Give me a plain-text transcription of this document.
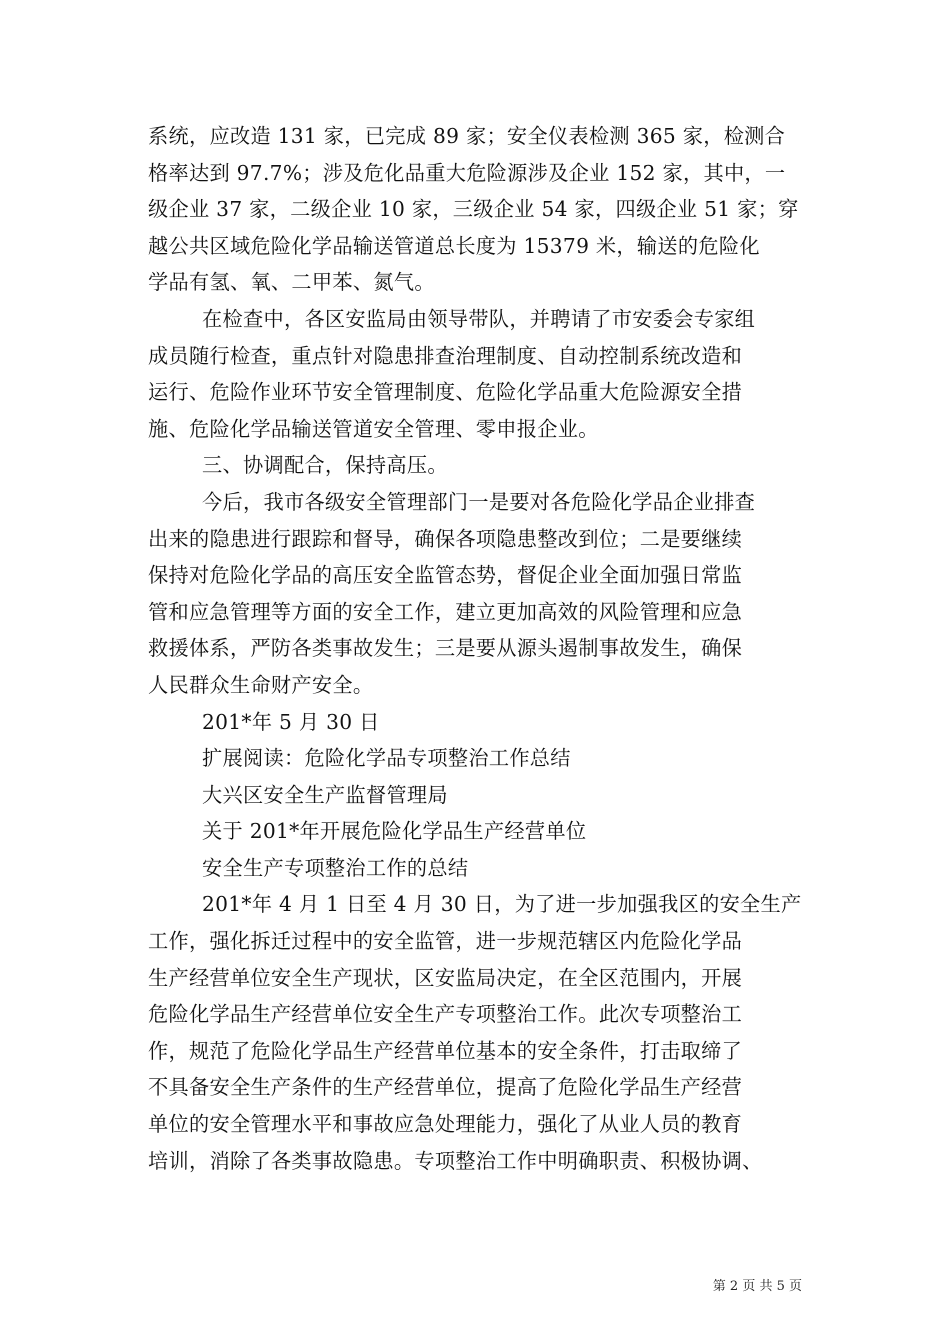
系统，应改造 131 家，已完成 89 家；安全仪表检测 365 家，检测合
格率达到 97.7%；涉及危化品重大危险源涉及企业 152 家，其中，一
级企业 37 家，二级企业 10 家，三级企业 54 家，四级企业 51 家；穿
越公共区域危险化学品输送管道总长度为 15379 米，输送的危险化
学品有氢、氧、二甲苯、氮气。
在检查中，各区安监局由领导带队，并聘请了市安委会专家组
成员随行检查，重点针对隐患排查治理制度、自动控制系统改造和
运行、危险作业环节安全管理制度、危险化学品重大危险源安全措
施、危险化学品输送管道安全管理、零申报企业。
三、协调配合，保持高压。
今后，我市各级安全管理部门一是要对各危险化学品企业排查
出来的隐患进行跟踪和督导，确保各项隐患整改到位；二是要继续
保持对危险化学品的高压安全监管态势，督促企业全面加强日常监
管和应急管理等方面的安全工作，建立更加高效的风险管理和应急
救援体系，严防各类事故发生；三是要从源头遏制事故发生，确保
人民群众生命财产安全。
201*年 5 月 30 日
扩展阅读：危险化学品专项整治工作总结
大兴区安全生产监督管理局
关于 201*年开展危险化学品生产经营单位
安全生产专项整治工作的总结
201*年 4 月 1 日至 4 月 30 日，为了进一步加强我区的安全生产
工作，强化拆迁过程中的安全监管，进一步规范辖区内危险化学品
生产经营单位安全生产现状，区安监局决定，在全区范围内，开展
危险化学品生产经营单位安全生产专项整治工作。此次专项整治工
作，规范了危险化学品生产经营单位基本的安全条件，打击取缔了
不具备安全生产条件的生产经营单位，提高了危险化学品生产经营
单位的安全管理水平和事故应急处理能力，强化了从业人员的教育
培训，消除了各类事故隐患。专项整治工作中明确职责、积极协调、
第 2 页 共 5 页
